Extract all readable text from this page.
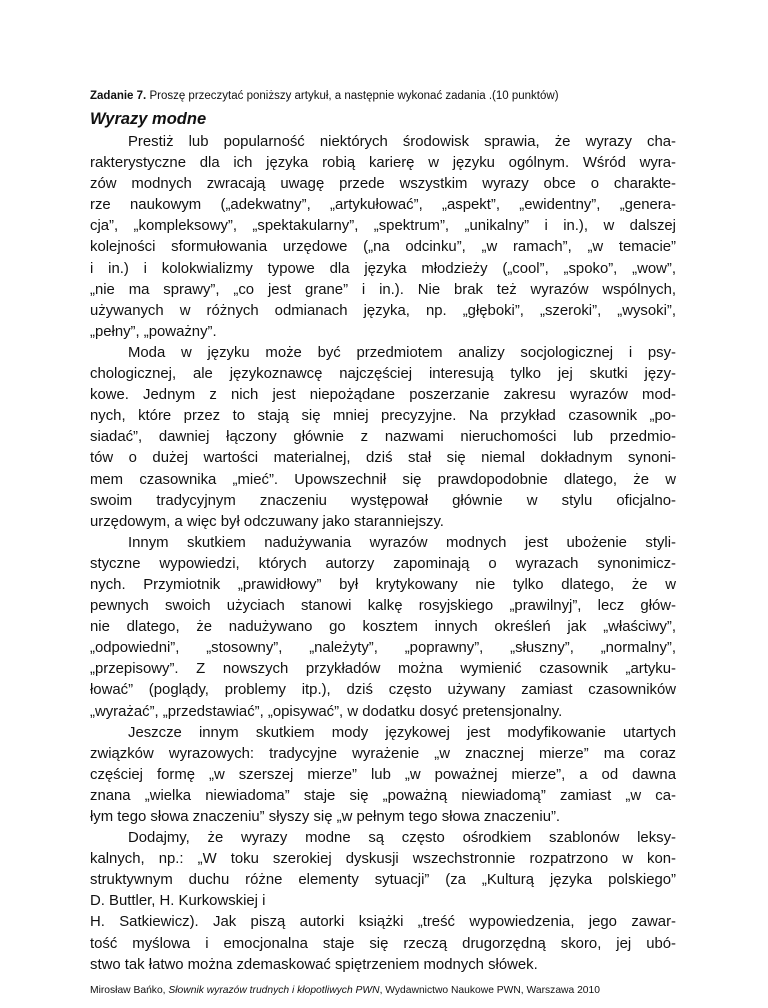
Zadanie 7. Proszę przeczytać poniższy artykuł, a następnie wykonać zadania .(10 punktów)

Wyrazy modne

Prestiż lub popularność niektórych środowisk sprawia, że wyrazy cha-
rakterystyczne dla ich języka robią karierę w języku ogólnym. Wśród wyra-
zów modnych zwracają uwagę przede wszystkim wyrazy obce o charakte-
rze naukowym („adekwatny”, „artykułować”, „aspekt”, „ewidentny”, „genera-
cja”, „kompleksowy”, „spektakularny”, „spektrum”, „unikalny” i in.), w dalszej
kolejności sformułowania urzędowe („na odcinku”, „w ramach”, „w temacie”
i in.) i kolokwializmy typowe dla języka młodzieży („cool”, „spoko”, „wow”,
„nie ma sprawy”, „co jest grane” i in.). Nie brak też wyrazów wspólnych,
używanych w różnych odmianach języka, np. „głęboki”, „szeroki”, „wysoki”,
„pełny”, „poważny”.

Moda w języku może być przedmiotem analizy socjologicznej i psy-
chologicznej, ale językoznawcę najczęściej interesują tylko jej skutki języ-
kowe. Jednym z nich jest niepożądane poszerzanie zakresu wyrazów mod-
nych, które przez to stają się mniej precyzyjne. Na przykład czasownik „po-
siadać”, dawniej łączony głównie z nazwami nieruchomości lub przedmio-
tów o dużej wartości materialnej, dziś stał się niemal dokładnym synoni-
mem czasownika „mieć”. Upowszechnił się prawdopodobnie dlatego, że w
swoim tradycyjnym znaczeniu występował głównie w stylu oficjalno-
urzędowym, a więc był odczuwany jako staranniejszy.

Innym skutkiem nadużywania wyrazów modnych jest ubożenie styli-
styczne wypowiedzi, których autorzy zapominają o wyrazach synonimicz-
nych. Przymiotnik „prawidłowy” był krytykowany nie tylko dlatego, że w
pewnych swoich użyciach stanowi kalkę rosyjskiego „prawilnyj”, lecz głów-
nie dlatego, że nadużywano go kosztem innych określeń jak „właściwy”,
„odpowiedni”, „stosowny”, „należyty”, „poprawny”, „słuszny”, „normalny”,
„przepisowy”. Z nowszych przykładów można wymienić czasownik „artyku-
łować” (poglądy, problemy itp.), dziś często używany zamiast czasowników
„wyrażać”, „przedstawiać”, „opisywać”, w dodatku dosyć pretensjonalny.

Jeszcze innym skutkiem mody językowej jest modyfikowanie utartych
związków wyrazowych: tradycyjne wyrażenie „w znacznej mierze” ma coraz
częściej formę „w szerszej mierze” lub „w poważnej mierze”, a od dawna
znana „wielka niewiadoma” staje się „poważną niewiadomą” zamiast „w ca-
łym tego słowa znaczeniu” słyszy się „w pełnym tego słowa znaczeniu”.

Dodajmy, że wyrazy modne są często ośrodkiem szablonów leksy-
kalnych, np.: „W toku szerokiej dyskusji wszechstronnie rozpatrzono w kon-
struktywnym duchu różne elementy sytuacji” (za „Kulturą języka polskiego”
D. Buttler, H. Kurkowskiej i

H. Satkiewicz). Jak piszą autorki książki „treść wypowiedzenia, jego zawar-
tość myślowa i emocjonalna staje się rzeczą drugorzędną skoro, jej ubó-
stwo tak łatwo można zdemaskować spiętrzeniem modnych słówek.

Mirosław Bańko, Słownik wyrazów trudnych i kłopotliwych PWN, Wydawnictwo Naukowe PWN, Warszawa 2010
